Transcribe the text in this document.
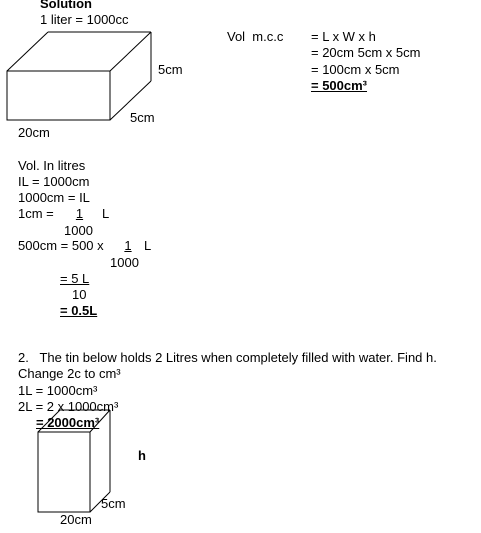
Solution
1 liter = 1000cc
5cm
5cm
20cm
Vol  m.c.c = L x W x h
= 20cm 5cm x 5cm
= 100cm x 5cm
= 500cm³
Vol. In litres
IL = 1000cm
1000cm = IL
1cm =	1	L
1000
500cm = 500 x	1 L
1000
= 5 L
10
= 0.5L
2.   The tin below holds 2 Litres when completely filled with water. Find h.
Change 2c to cm³
1L = 1000cm³
2L = 2 x 1000cm³
= 2000cm³
h
5cm
20cm
